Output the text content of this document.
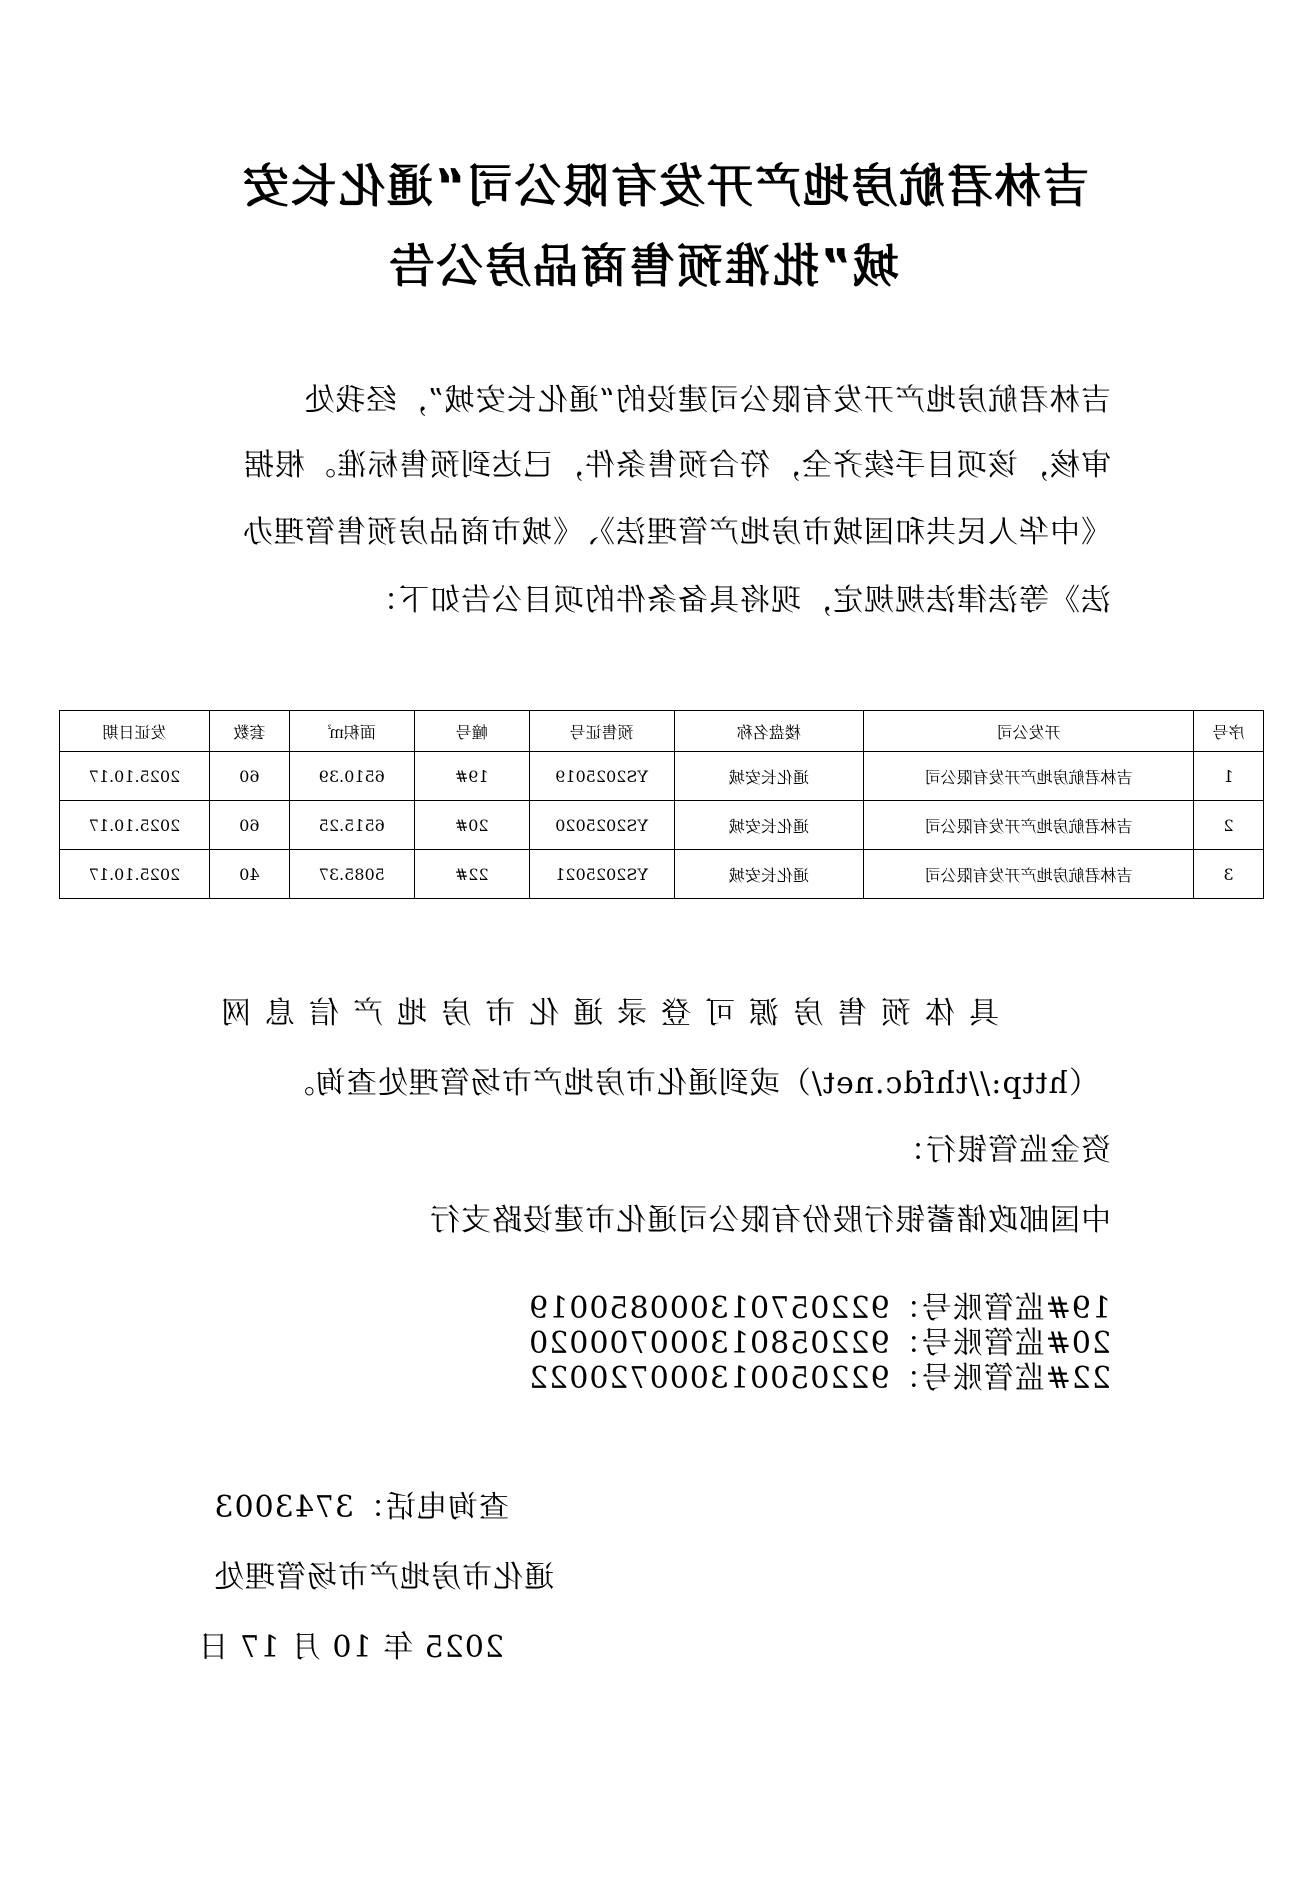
吉林君航房地产开发有限公司“通化长安
城”批准预售商品房公告

吉林君航房地产开发有限公司建设的“通化长安城”，经我处

审核，该项目手续齐全，符合预售条件，已达到预售标准。根据

《中华人民共和国城市房地产管理法》、《城市商品房预售管理办

法》等法律法规规定，现将具备条件的项目公告如下：

序号	开发公司	楼盘名称	预售证号	幢号	面积㎡	套数	发证日期
1	吉林君航房地产开发有限公司	通化长安城	YS2025019	19#	6510.39	60	2025.10.17
2	吉林君航房地产开发有限公司	通化长安城	YS2025020	20#	6515.25	60	2025.10.17
3	吉林君航房地产开发有限公司	通化长安城	YS2025021	22#	5085.37	40	2025.10.17

具体预售房源可登录通化市房地产信息网

（http://thfdc.net/）或到通化市房地产市场管理处查询。

资金监管银行：

中国邮政储蓄银行股份有限公司通化市建设路支行

19#监管账号：922057013000850019

20#监管账号：922058013000700020

22#监管账号：922050013000720022

查询电话：3743003

通化市房地产市场管理处

2025 年 10 月 17 日
